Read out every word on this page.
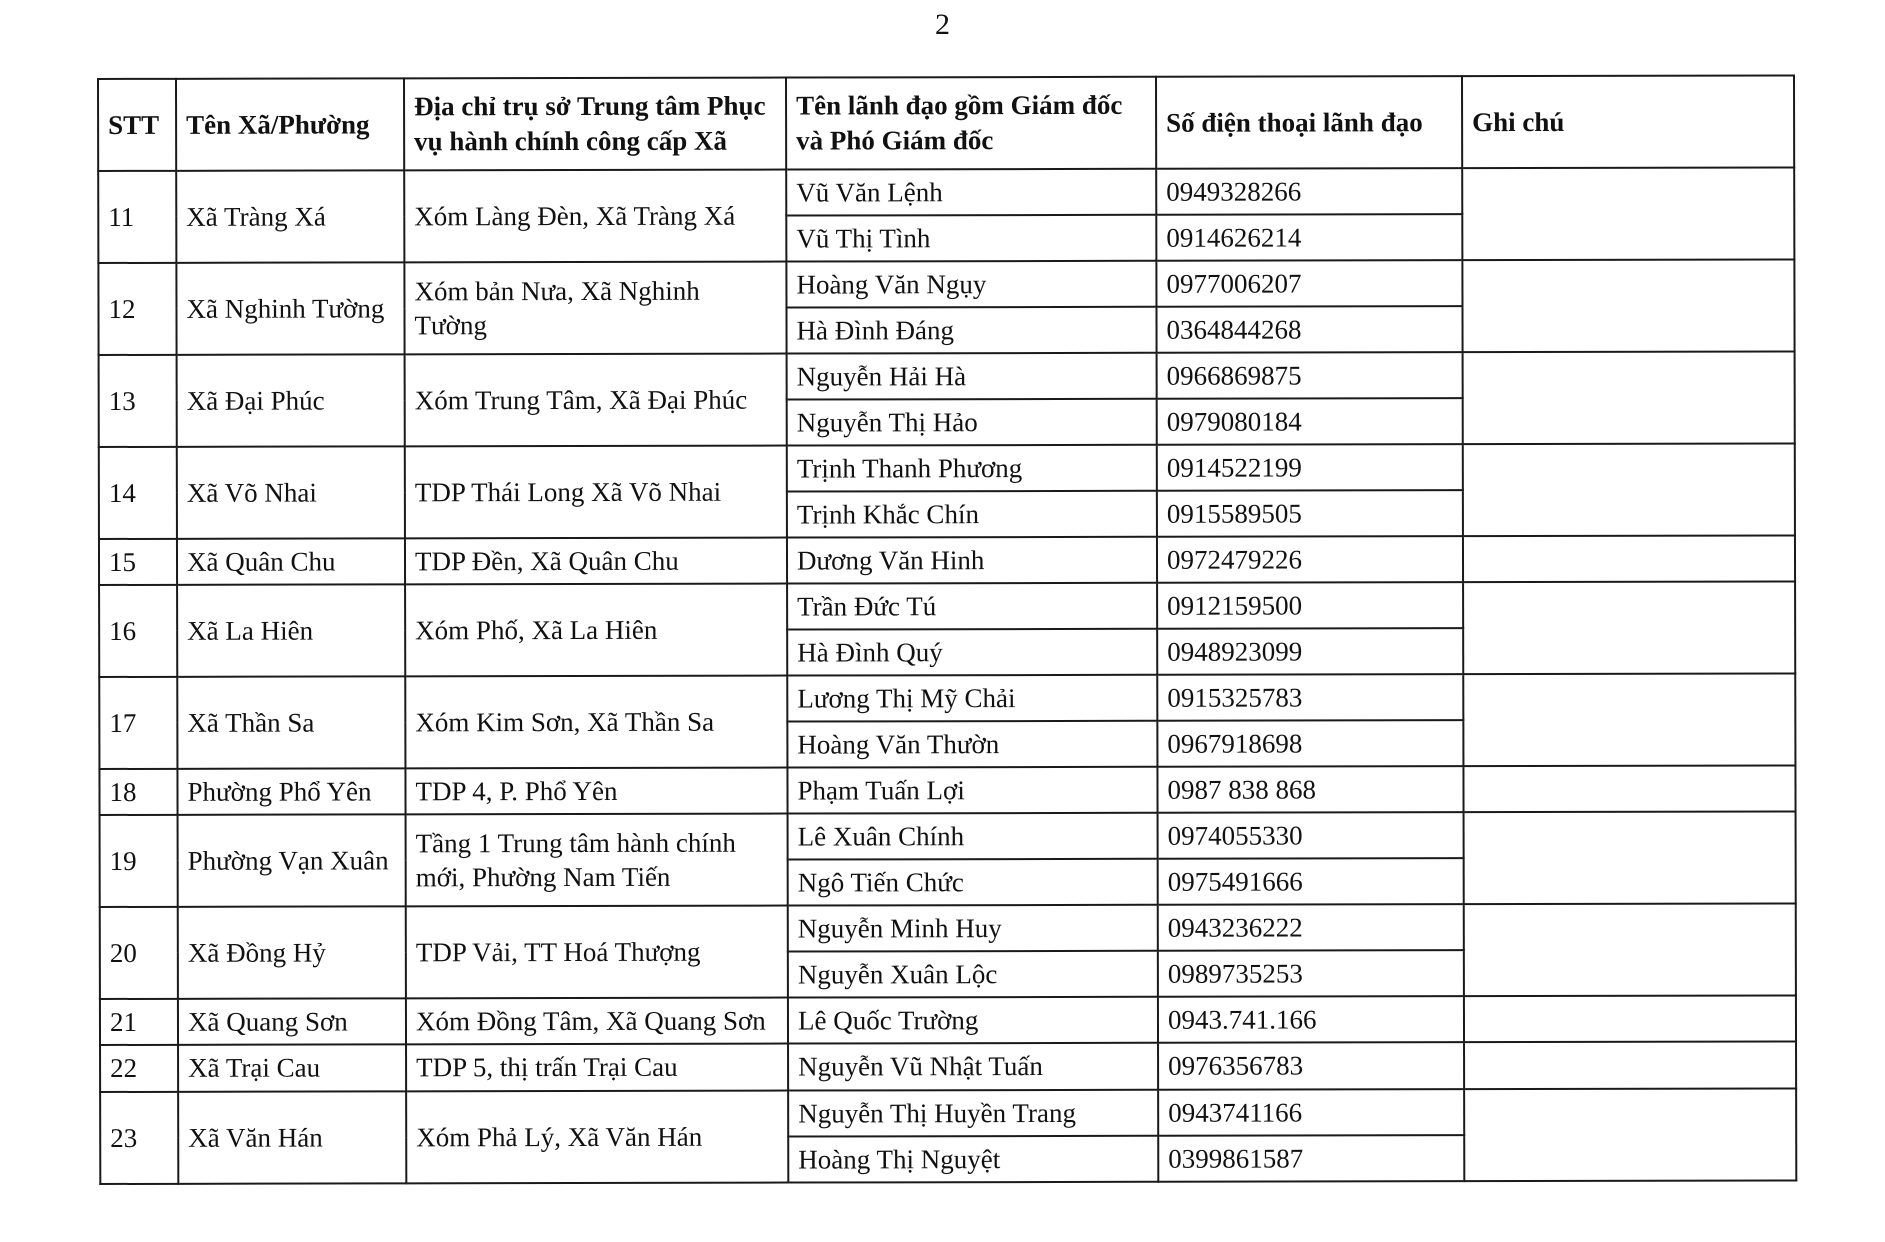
2
STT	Tên Xã/Phường	Địa chỉ trụ sở Trung tâm Phục vụ hành chính công cấp Xã	Tên lãnh đạo gồm Giám đốc và Phó Giám đốc	Số điện thoại lãnh đạo	Ghi chú
11	Xã Tràng Xá	Xóm Làng Đèn, Xã Tràng Xá	Vũ Văn Lệnh	0949328266	
			Vũ Thị Tình	0914626214	
12	Xã Nghinh Tường	Xóm bản Nưa, Xã Nghinh Tường	Hoàng Văn Ngụy	0977006207	
			Hà Đình Đáng	0364844268	
13	Xã Đại Phúc	Xóm Trung Tâm, Xã Đại Phúc	Nguyễn Hải Hà	0966869875	
			Nguyễn Thị Hảo	0979080184	
14	Xã Võ Nhai	TDP Thái Long Xã Võ Nhai	Trịnh Thanh Phương	0914522199	
			Trịnh Khắc Chín	0915589505	
15	Xã Quân Chu	TDP Đền, Xã Quân Chu	Dương Văn Hinh	0972479226	
16	Xã La Hiên	Xóm Phố, Xã La Hiên	Trần Đức Tú	0912159500	
			Hà Đình Quý	0948923099	
17	Xã Thần Sa	Xóm Kim Sơn, Xã Thần Sa	Lương Thị Mỹ Chải	0915325783	
			Hoàng Văn Thườn	0967918698	
18	Phường Phổ Yên	TDP 4, P. Phổ Yên	Phạm Tuấn Lợi	0987 838 868	
19	Phường Vạn Xuân	Tầng 1 Trung tâm hành chính mới, Phường Nam Tiến	Lê Xuân Chính	0974055330	
			Ngô Tiến Chức	0975491666	
20	Xã Đồng Hỷ	TDP Vải, TT Hoá Thượng	Nguyễn Minh Huy	0943236222	
			Nguyễn Xuân Lộc	0989735253	
21	Xã Quang Sơn	Xóm Đồng Tâm, Xã Quang Sơn	Lê Quốc Trường	0943.741.166	
22	Xã Trại Cau	TDP 5, thị trấn Trại Cau	Nguyễn Vũ Nhật Tuấn	0976356783	
23	Xã Văn Hán	Xóm Phả Lý, Xã Văn Hán	Nguyễn Thị Huyền Trang	0943741166	
			Hoàng Thị Nguyệt	0399861587	
